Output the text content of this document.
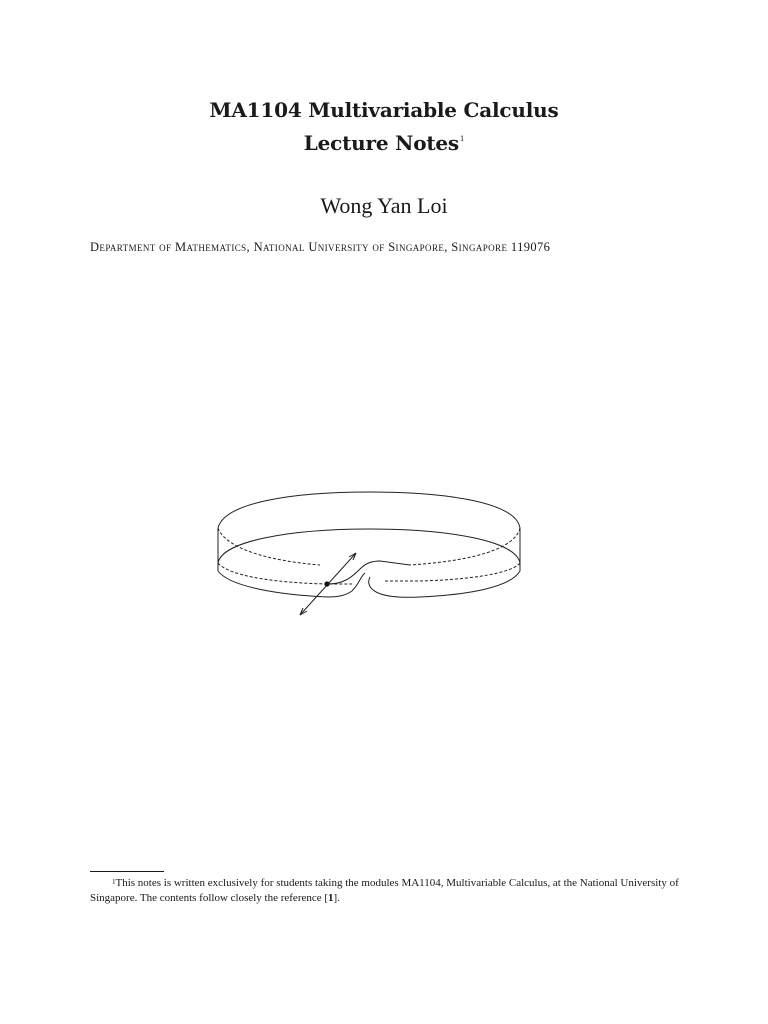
MA1104 Multivariable Calculus
Lecture Notes$^1$
Wong Yan Loi
Department of Mathematics, National University of Singapore, Singapore 119076
$^1$This notes is written exclusively for students taking the modules MA1104, Multivariable Calculus, at the National University of Singapore. The contents follow closely the reference [1].
